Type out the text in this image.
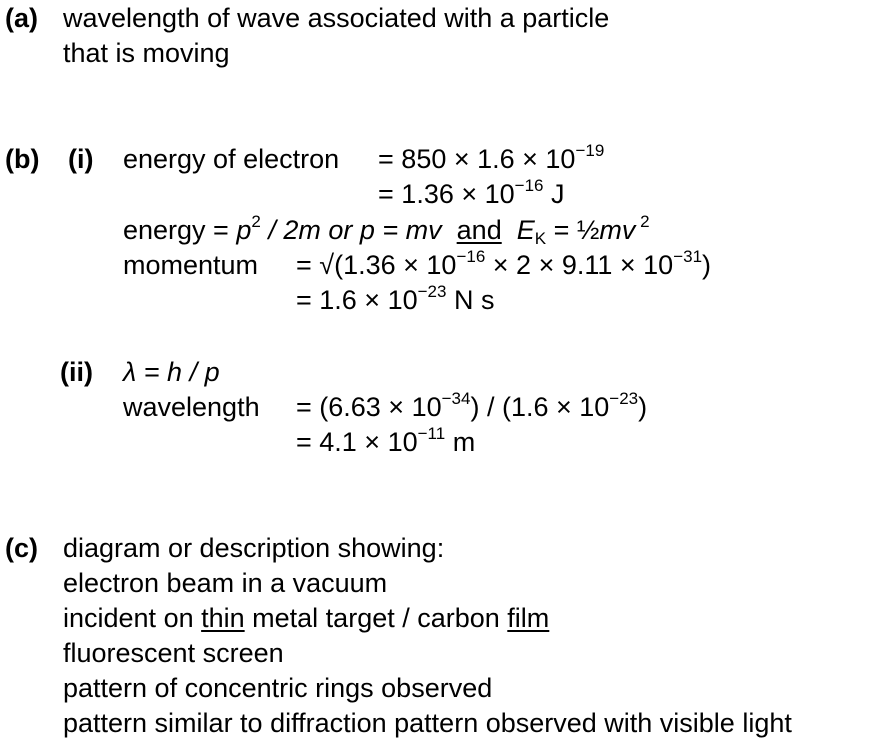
(a) wavelength of wave associated with a particle
that is moving
(b) (i) energy of electron = $850 \times 1.6 \times 10^{-19}$
= $1.36 \times 10^{-16}$ J
energy = $p^2 / 2m$ or p = mv and $E_K$ = ½mv $^2$
momentum = $√(1.36 \times 10^{-16} \times 2 \times 9.11 \times 10^{-31})$
= $1.6 \times 10^{-23}$ N s
(ii) λ = h / p
wavelength = $(6.63 \times 10^{-34}) / (1.6 \times 10^{-23})$
= $4.1 \times 10^{-11}$ m
(c) diagram or description showing:
electron beam in a vacuum
incident on thin metal target / carbon film
fluorescent screen
pattern of concentric rings observed
pattern similar to diffraction pattern observed with visible light
